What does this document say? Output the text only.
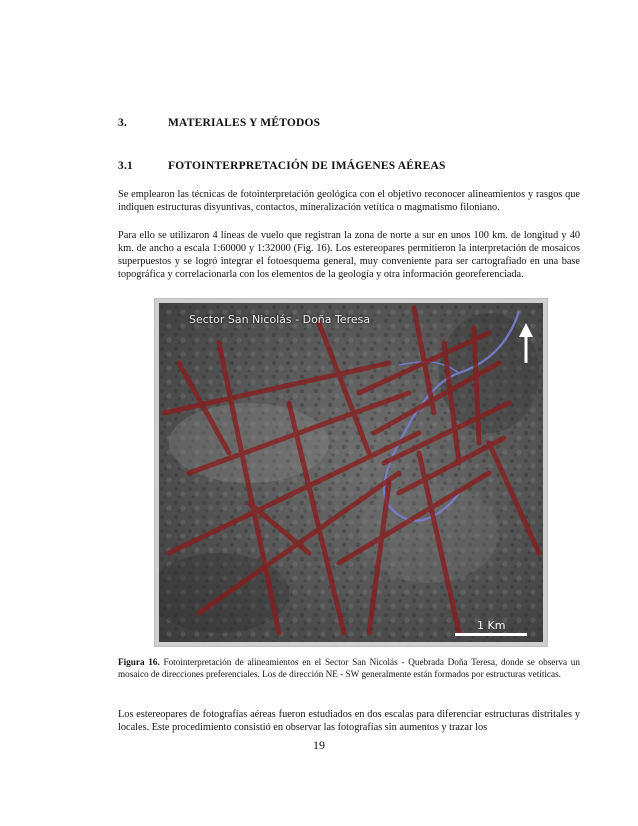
3.	MATERIALES Y MÉTODOS
3.1	FOTOINTERPRETACIÓN DE IMÁGENES AÉREAS

Se emplearon las técnicas de fotointerpretación geológica con el objetivo reconocer alineamientos y rasgos que indiquen estructuras disyuntivas, contactos, mineralización vetítica o magmatismo filoniano.

Para ello se utilizaron 4 líneas de vuelo que registran la zona de norte a sur en unos 100 km. de longitud y 40 km. de ancho a escala 1:60000 y 1:32000 (Fig. 16). Los estereopares permitieron la interpretación de mosaicos superpuestos y se logró integrar el fotoesquema general, muy conveniente para ser cartografiado en una base topográfica y correlacionarla con los elementos de la geología y otra información georeferenciada.

Sector San Nicolás - Doña Teresa
1 Km

Figura 16. Fotointerpretación de alineamientos en el Sector San Nicolás - Quebrada Doña Teresa, donde se observa un mosaico de direcciones preferenciales. Los de dirección NE - SW generalmente están formados por estructuras vetíticas.

Los estereopares de fotografías aéreas fueron estudiados en dos escalas para diferenciar estructuras distritales y locales. Este procedimiento consistió en observar las fotografías sin aumentos y trazar los

19
